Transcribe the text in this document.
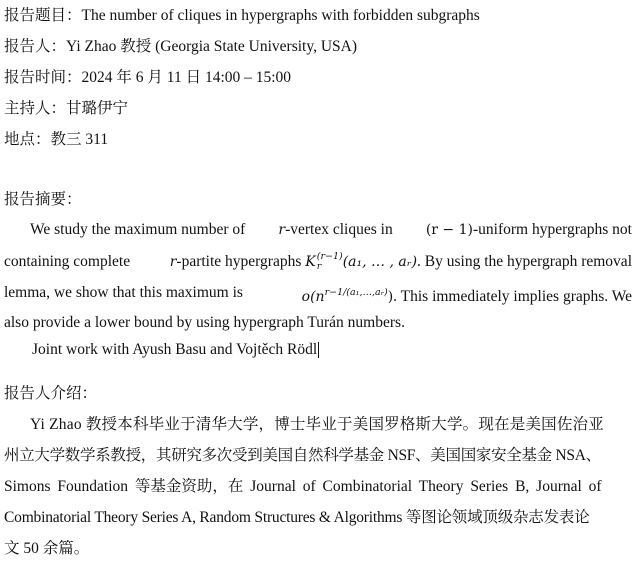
报告题目：The number of cliques in hypergraphs with forbidden subgraphs
报告人：Yi Zhao 教授 (Georgia State University, USA)
报告时间：2024 年 6 月 11 日 14:00 – 15:00
主持人：甘璐伊宁
地点：教三 311
报告摘要：
We study the maximum number of r-vertex cliques in (r − 1)-uniform hypergraphs not
containing complete	r-partite hypergraphs K (r−1)
r	(a₁, … , aᵣ). By using the hypergraph removal
lemma, we show that this maximum is	$o(n^{r-1/(a_1,\dots,aᵣ)})$. This immediately implies graphs. We
also provide a lower bound by using hypergraph Turán numbers.
Joint work with Ayush Basu and Vojtěch Rödl
报告人介绍：
Yi Zhao 教授本科毕业于清华大学，博士毕业于美国罗格斯大学。现在是美国佐治亚
州立大学数学系教授，其研究多次受到美国自然科学基金 NSF、美国国家安全基金 NSA、
Simons Foundation 等基金资助，在 Journal of Combinatorial Theory Series B, Journal of
Combinatorial Theory Series A, Random Structures & Algorithms 等图论领域顶级杂志发表论
文 50 余篇。
